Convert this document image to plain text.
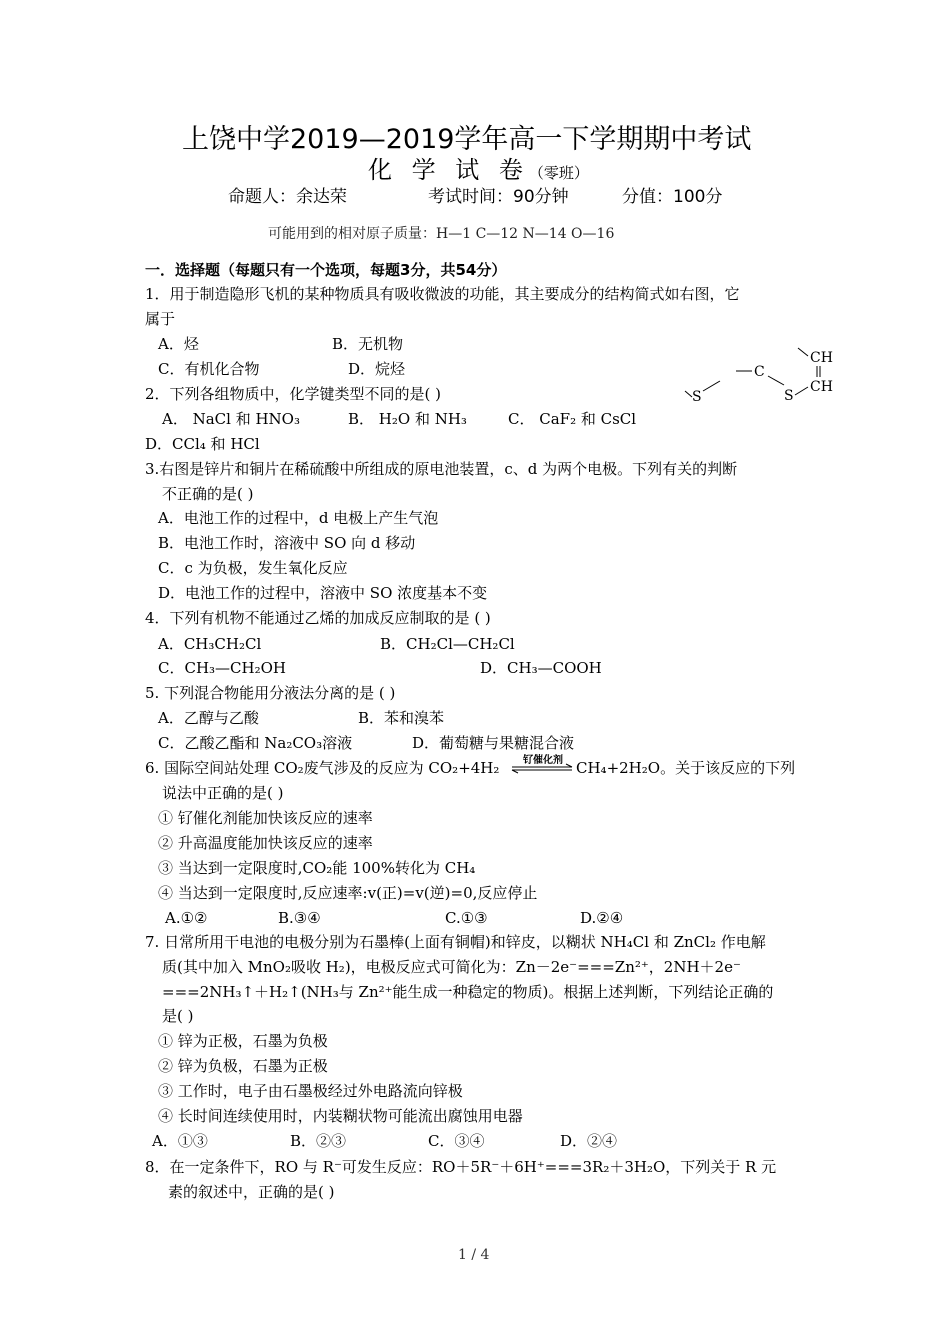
上饶中学2019—2019学年高一下学期期中考试
化 学 试 卷（零班）
命题人：余达荣	考试时间：90分钟	分值：100分
可能用到的相对原子质量：H—1 C—12 N—14 O—16
一．选择题（每题只有一个选项，每题3分，共54分）
1．用于制造隐形飞机的某种物质具有吸收微波的功能，其主要成分的结构简式如右图，它
属于
A．烃	B．无机物
C．有机化合物	D．烷烃
CH
CH
C
S
S
2．下列各组物质中，化学键类型不同的是( )
A． NaCl 和 HNO₃	B． H₂O 和 NH₃	C． CaF₂ 和 CsCl
D．CCl₄ 和 HCl
3.右图是锌片和铜片在稀硫酸中所组成的原电池装置，c、d 为两个电极。下列有关的判断
不正确的是( )
A．电池工作的过程中，d 电极上产生气泡
B．电池工作时，溶液中 SO 向 d 移动
C．c 为负极，发生氧化反应
D．电池工作的过程中，溶液中 SO 浓度基本不变
4．下列有机物不能通过乙烯的加成反应制取的是 ( )
A．CH₃CH₂Cl	B．CH₂Cl—CH₂Cl
C．CH₃—CH₂OH	D．CH₃—COOH
5. 下列混合物能用分液法分离的是 ( )
A．乙醇与乙酸	B．苯和溴苯
C．乙酸乙酯和 Na₂CO₃溶液	D．葡萄糖与果糖混合液
6. 国际空间站处理 CO₂废气涉及的反应为 CO₂+4H₂ 钌催化剂 CH₄+2H₂O。关于该反应的下列
说法中正确的是( )
① 钌催化剂能加快该反应的速率
② 升高温度能加快该反应的速率
③ 当达到一定限度时,CO₂能 100%转化为 CH₄
④ 当达到一定限度时,反应速率:v(正)=v(逆)=0,反应停止
A.①②	B.③④	C.①③	D.②④
7. 日常所用干电池的电极分别为石墨棒(上面有铜帽)和锌皮，以糊状 NH₄Cl 和 ZnCl₂ 作电解
质(其中加入 MnO₂吸收 H₂)，电极反应式可简化为：Zn－2e⁻===Zn²⁺，2NH＋2e⁻
===2NH₃↑＋H₂↑(NH₃与 Zn²⁺能生成一种稳定的物质)。根据上述判断，下列结论正确的
是( )
① 锌为正极，石墨为负极
② 锌为负极，石墨为正极
③ 工作时，电子由石墨极经过外电路流向锌极
④ 长时间连续使用时，内装糊状物可能流出腐蚀用电器
A．①③	B．②③	C．③④	D．②④
8．在一定条件下，RO 与 R⁻可发生反应：RO＋5R⁻＋6H⁺===3R₂＋3H₂O，下列关于 R 元
素的叙述中，正确的是( )
1 / 4
